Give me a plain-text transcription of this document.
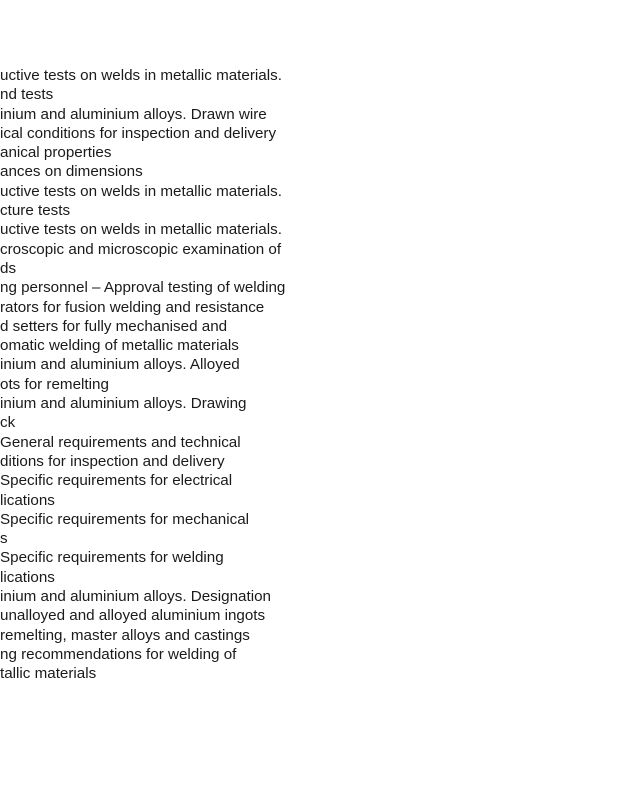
uctive tests on welds in metallic materials.
nd tests
inium and aluminium alloys. Drawn wire
ical conditions for inspection and delivery
anical properties
ances on dimensions
uctive tests on welds in metallic materials.
cture tests
uctive tests on welds in metallic materials.
croscopic and microscopic examination of
ds
ng personnel – Approval testing of welding
rators for fusion welding and resistance
d setters for fully mechanised and
omatic welding of metallic materials
inium and aluminium alloys. Alloyed
ots for remelting
inium and aluminium alloys. Drawing
ck
General requirements and technical
ditions for inspection and delivery
Specific requirements for electrical
lications
Specific requirements for mechanical
s
Specific requirements for welding
lications
inium and aluminium alloys. Designation
unalloyed and alloyed aluminium ingots
remelting, master alloys and castings
ng recommendations for welding of
tallic materials
